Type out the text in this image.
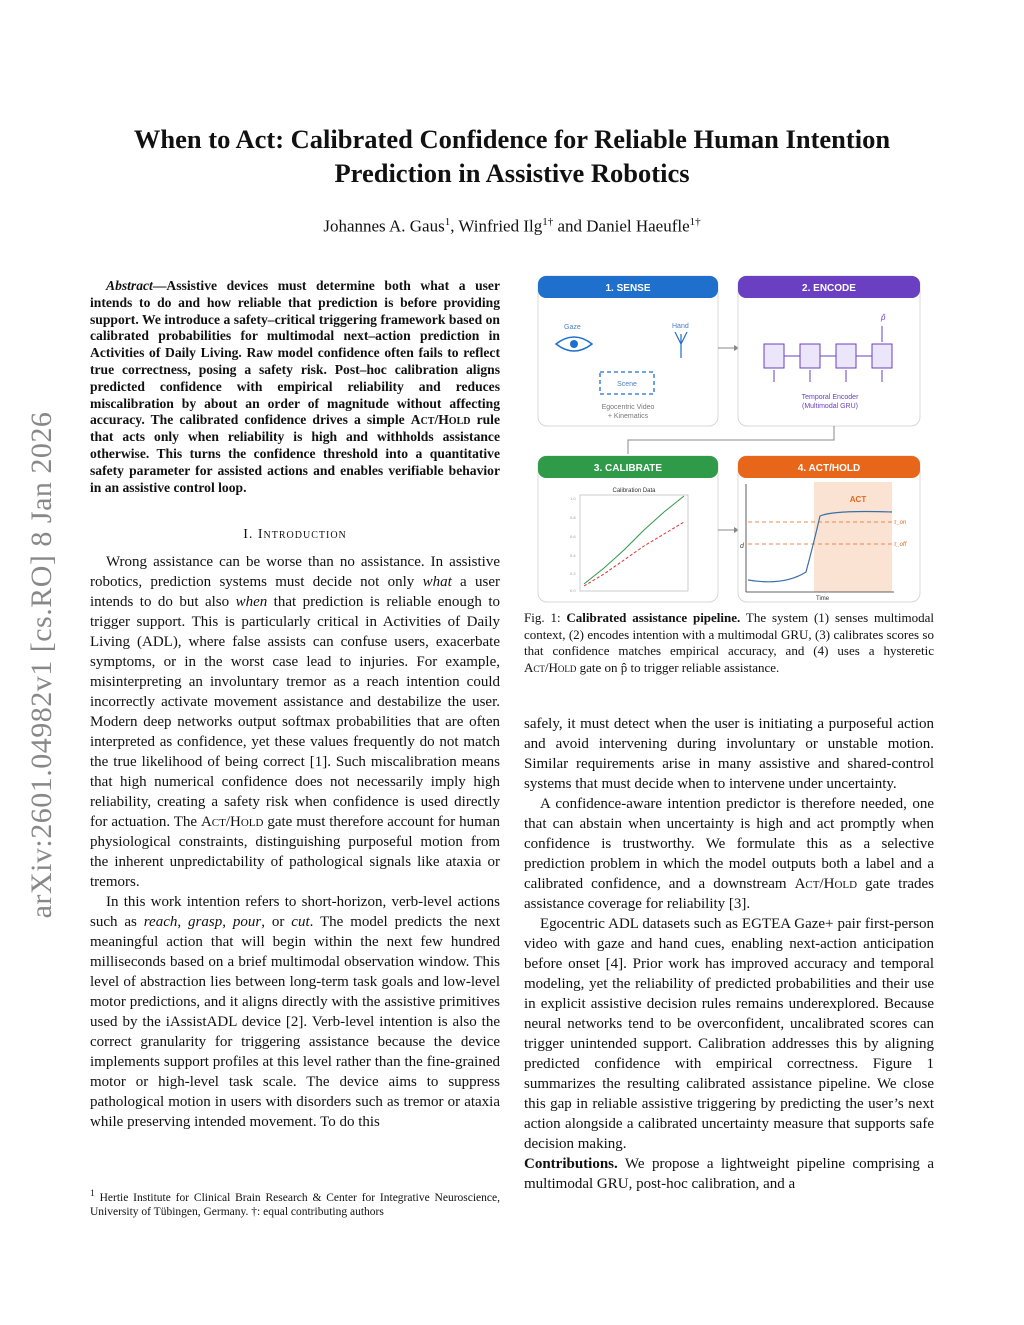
arXiv:2601.04982v1 [cs.RO] 8 Jan 2026
When to Act: Calibrated Confidence for Reliable Human Intention
Prediction in Assistive Robotics
Johannes A. Gaus$^1$, Winfried Ilg$^{1\dagger}$ and Daniel Haeufle$^{1\dagger}$
Abstract—Assistive devices must determine both what a user intends to do and how reliable that prediction is before providing support. We introduce a safety–critical triggering framework based on calibrated probabilities for multimodal next–action prediction in Activities of Daily Living. Raw model confidence often fails to reflect true correctness, posing a safety risk. Post–hoc calibration aligns predicted confidence with empirical reliability and reduces miscalibration by about an order of magnitude without affecting accuracy. The calibrated confidence drives a simple Act/Hold rule that acts only when reliability is high and withholds assistance otherwise. This turns the confidence threshold into a quantitative safety parameter for assisted actions and enables verifiable behavior in an assistive control loop.
I. Introduction

Wrong assistance can be worse than no assistance. In assistive robotics, prediction systems must decide not only what a user intends to do but also when that prediction is reliable enough to trigger support. This is particularly critical in Activities of Daily Living (ADL), where false assists can confuse users, exacerbate symptoms, or in the worst case lead to injuries. For example, misinterpreting an involuntary tremor as a reach intention could incorrectly activate movement assistance and destabilize the user. Modern deep networks output softmax probabilities that are often interpreted as confidence, yet these values frequently do not match the true likelihood of being correct [1]. Such miscalibration means that high numerical confidence does not necessarily imply high reliability, creating a safety risk when confidence is used directly for actuation. The Act/Hold gate must therefore account for human physiological constraints, distinguishing purposeful motion from the inherent unpredictability of pathological signals like ataxia or tremors.

In this work intention refers to short-horizon, verb-level actions such as reach, grasp, pour, or cut. The model predicts the next meaningful action that will begin within the next few hundred milliseconds based on a brief multimodal observation window. This level of abstraction lies between long-term task goals and low-level motor predictions, and it aligns directly with the assistive primitives used by the iAssistADL device [2]. Verb-level intention is also the correct granularity for triggering assistance because the device implements support profiles at this level rather than the fine-grained motor or high-level task scale. The device aims to suppress pathological motion in users with disorders such as tremor or ataxia while preserving intended movement. To do this

$^1$ Hertie Institute for Clinical Brain Research & Center for Integrative Neuroscience, University of Tübingen, Germany. †: equal contributing authors
1. SENSE
Gaze	Hand
Scene
Egocentric Video
+ Kinematics
2. ENCODE
p̂
Temporal Encoder
(Multimodal GRU)
3. CALIBRATE
Calibration Data
1.0
0.8
0.6
0.4
0.2
0.0
4. ACT/HOLD
ACT
τ_on
τ_off
d
Time
Fig. 1: Calibrated assistance pipeline. The system (1) senses multimodal context, (2) encodes intention with a multimodal GRU, (3) calibrates scores so that confidence matches empirical accuracy, and (4) uses a hysteretic Act/Hold gate on p̂ to trigger reliable assistance.

safely, it must detect when the user is initiating a purposeful action and avoid intervening during involuntary or unstable motion. Similar requirements arise in many assistive and shared-control systems that must decide when to intervene under uncertainty.

A confidence-aware intention predictor is therefore needed, one that can abstain when uncertainty is high and act promptly when confidence is trustworthy. We formulate this as a selective prediction problem in which the model outputs both a label and a calibrated confidence, and a downstream Act/Hold gate trades assistance coverage for reliability [3].

Egocentric ADL datasets such as EGTEA Gaze+ pair first-person video with gaze and hand cues, enabling next-action anticipation before onset [4]. Prior work has improved accuracy and temporal modeling, yet the reliability of predicted probabilities and their use in explicit assistive decision rules remains underexplored. Because neural networks tend to be overconfident, uncalibrated scores can trigger unintended support. Calibration addresses this by aligning predicted confidence with empirical correctness. Figure 1 summarizes the resulting calibrated assistance pipeline. We close this gap in reliable assistive triggering by predicting the user’s next action alongside a calibrated uncertainty measure that supports safe decision making.

Contributions. We propose a lightweight pipeline comprising a multimodal GRU, post-hoc calibration, and a
